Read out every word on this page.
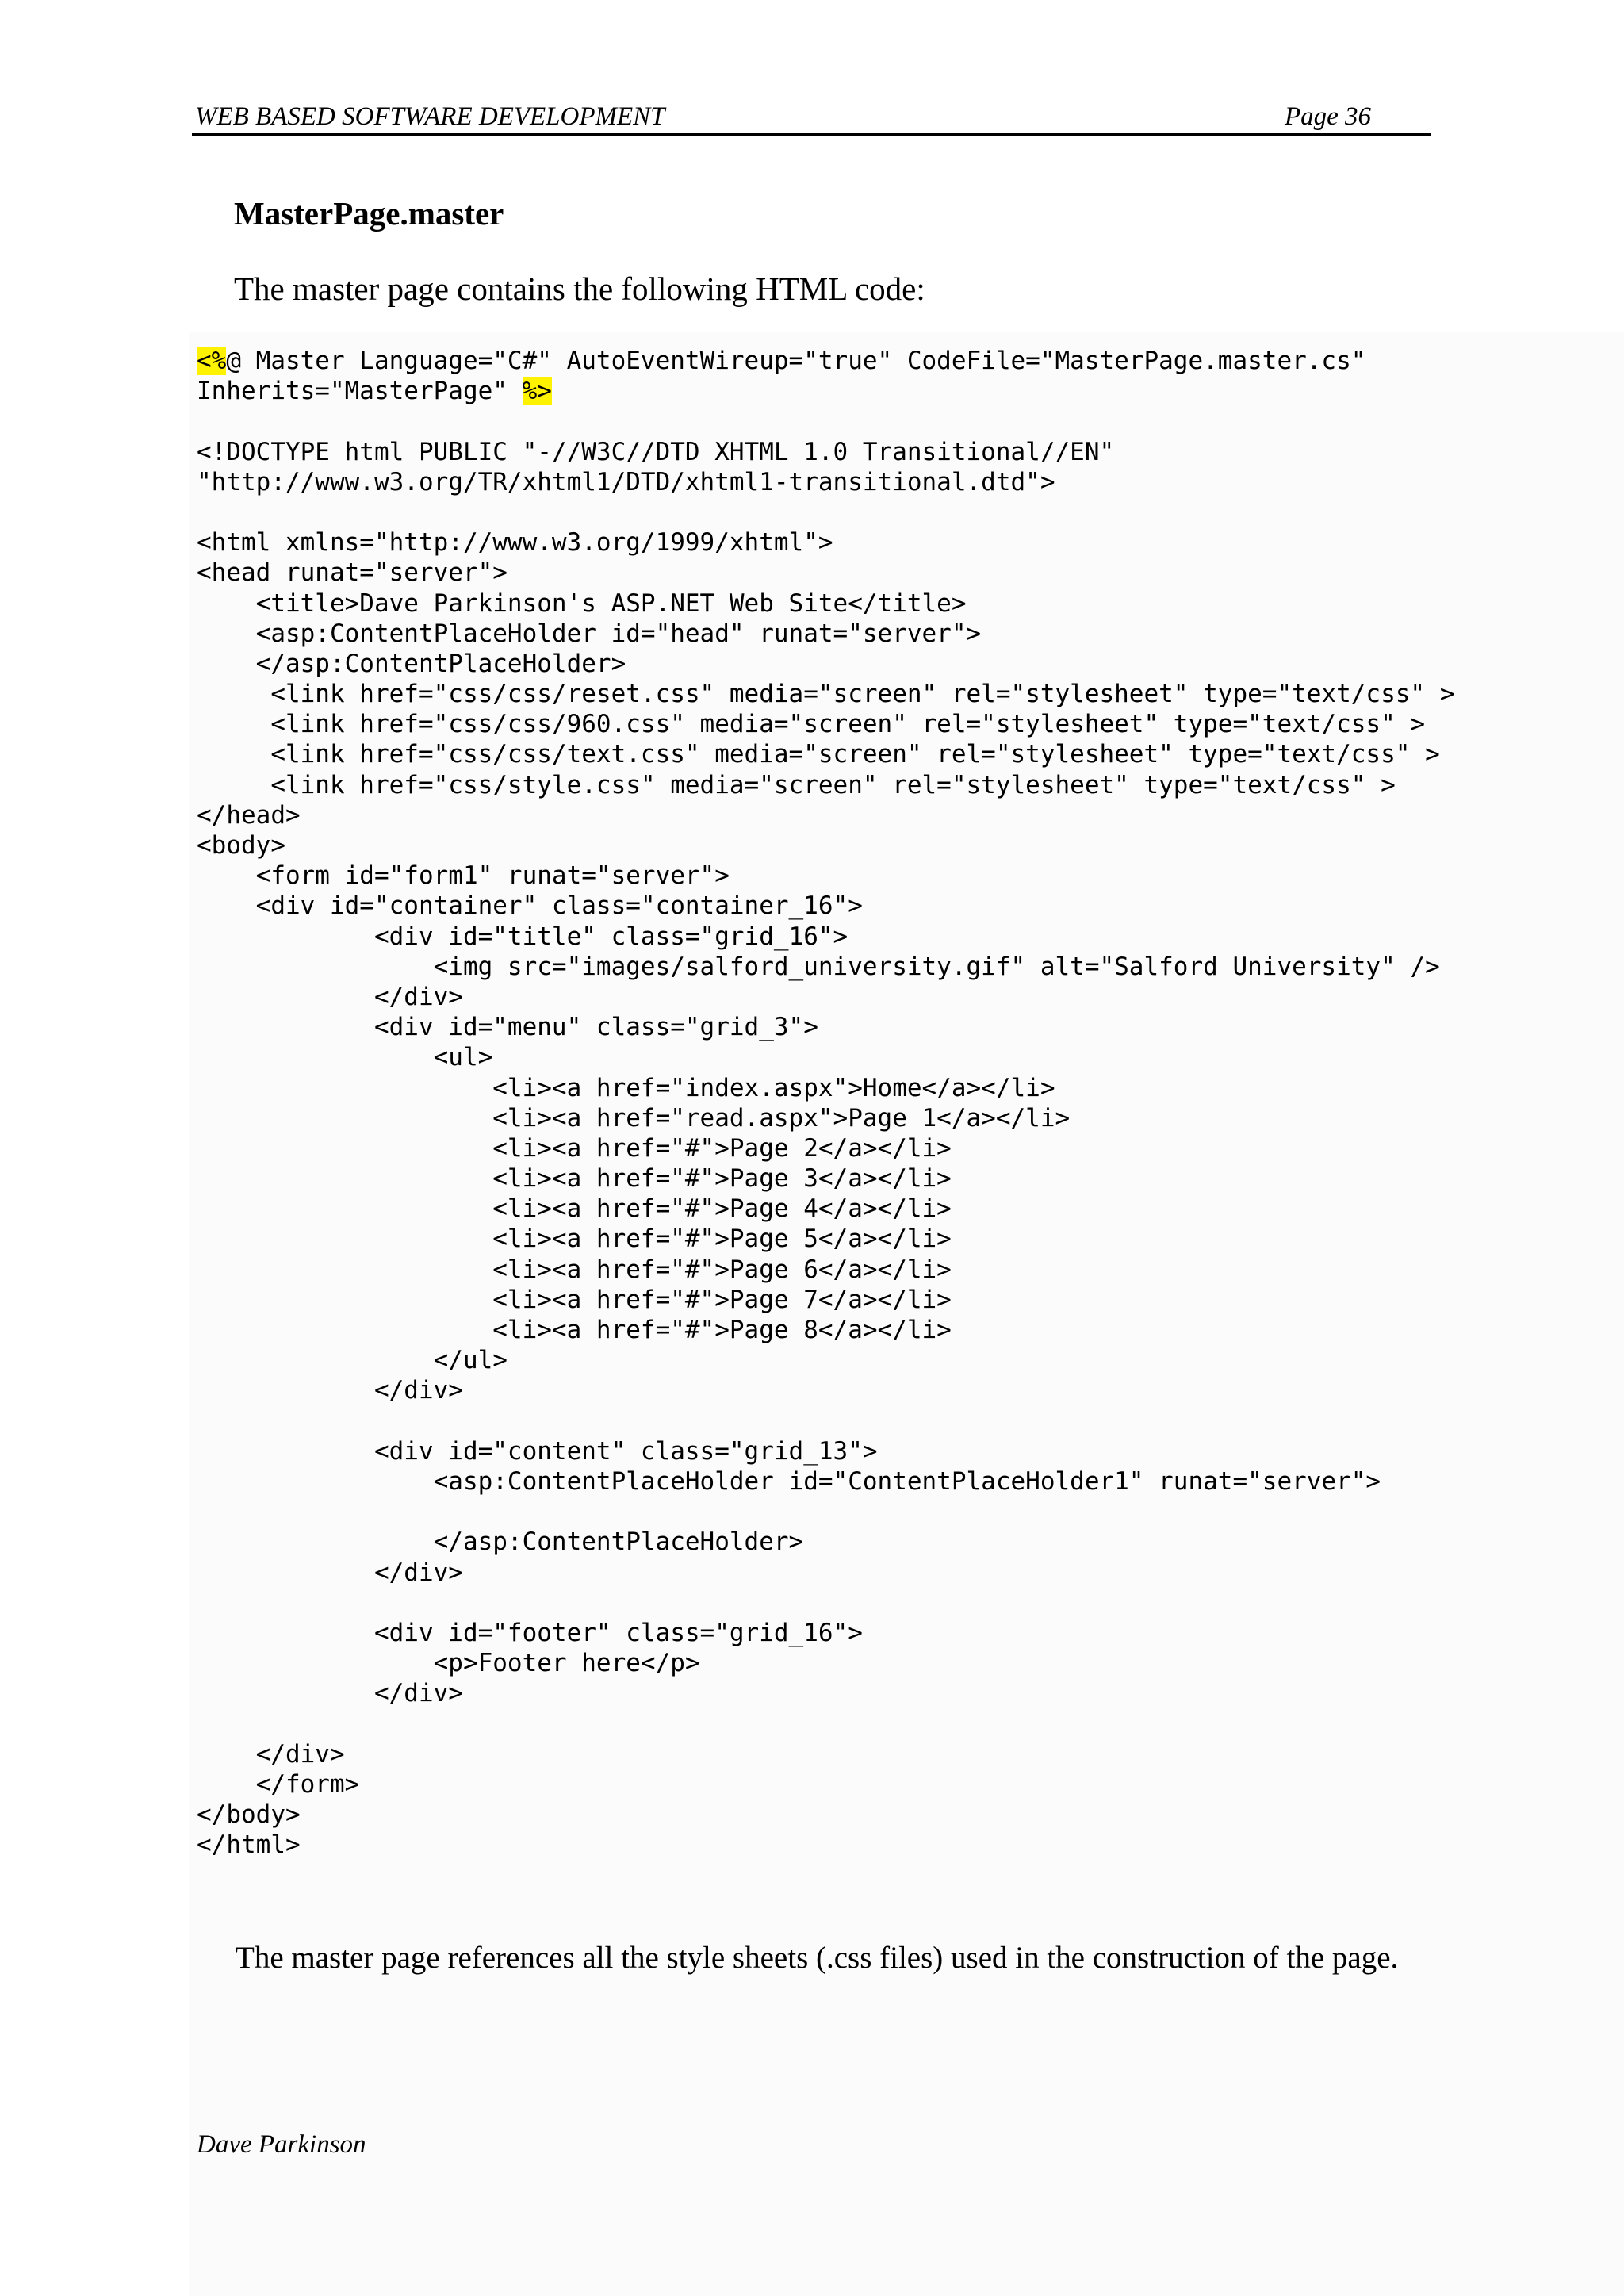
WEB BASED SOFTWARE DEVELOPMENT	Page 36
MasterPage.master
The master page contains the following HTML code:
<%@ Master Language="C#" AutoEventWireup="true" CodeFile="MasterPage.master.cs"
Inherits="MasterPage" %>
<!DOCTYPE html PUBLIC "-//W3C//DTD XHTML 1.0 Transitional//EN"
"http://www.w3.org/TR/xhtml1/DTD/xhtml1-transitional.dtd">
<html xmlns="http://www.w3.org/1999/xhtml">
<head runat="server">
<title>Dave Parkinson's ASP.NET Web Site</title>
<asp:ContentPlaceHolder id="head" runat="server">
</asp:ContentPlaceHolder>
<link href="css/css/reset.css" media="screen" rel="stylesheet" type="text/css" >
<link href="css/css/960.css" media="screen" rel="stylesheet" type="text/css" >
<link href="css/css/text.css" media="screen" rel="stylesheet" type="text/css" >
<link href="css/style.css" media="screen" rel="stylesheet" type="text/css" >
</head>
<body>
<form id="form1" runat="server">
<div id="container" class="container_16">
<div id="title" class="grid_16">
<img src="images/salford_university.gif" alt="Salford University" />
</div>
<div id="menu" class="grid_3">
<ul>
<li><a href="index.aspx">Home</a></li>
<li><a href="read.aspx">Page 1</a></li>
<li><a href="#">Page 2</a></li>
<li><a href="#">Page 3</a></li>
<li><a href="#">Page 4</a></li>
<li><a href="#">Page 5</a></li>
<li><a href="#">Page 6</a></li>
<li><a href="#">Page 7</a></li>
<li><a href="#">Page 8</a></li>
</ul>
</div>
<div id="content" class="grid_13">
<asp:ContentPlaceHolder id="ContentPlaceHolder1" runat="server">
</asp:ContentPlaceHolder>
</div>
<div id="footer" class="grid_16">
<p>Footer here</p>
</div>
</div>
</form>
</body>
</html>
The master page references all the style sheets (.css files) used in the construction of the page.
Dave Parkinson
